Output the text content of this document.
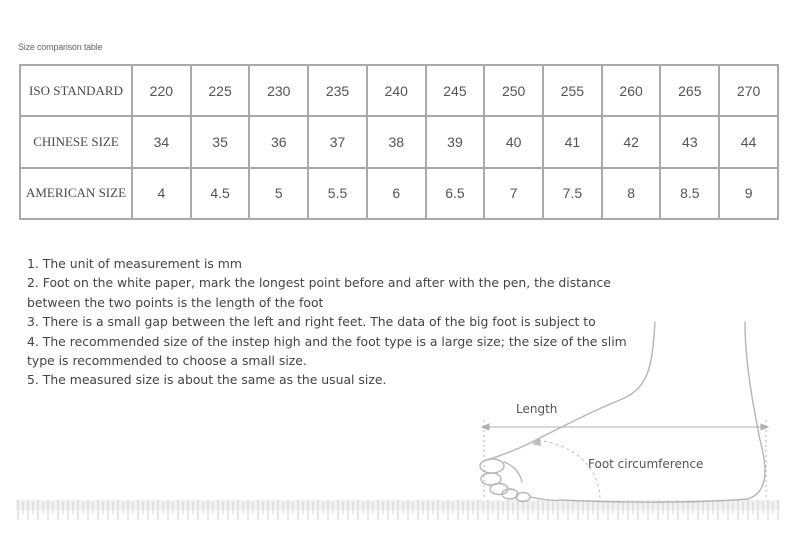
Size comparison table
ISO STANDARD	220	225	230	235	240	245	250	255	260	265	270
CHINESE SIZE	34	35	36	37	38	39	40	41	42	43	44
AMERICAN SIZE	4	4.5	5	5.5	6	6.5	7	7.5	8	8.5	9

1. The unit of measurement is mm

2. Foot on the white paper, mark the longest point before and after with the pen, the distance between the two points is the length of the foot

3. There is a small gap between the left and right feet. The data of the big foot is subject to

4. The recommended size of the instep high and the foot type is a large size; the size of the slim type is recommended to choose a small size.

5. The measured size is about the same as the usual size.

Length
Foot circumference
